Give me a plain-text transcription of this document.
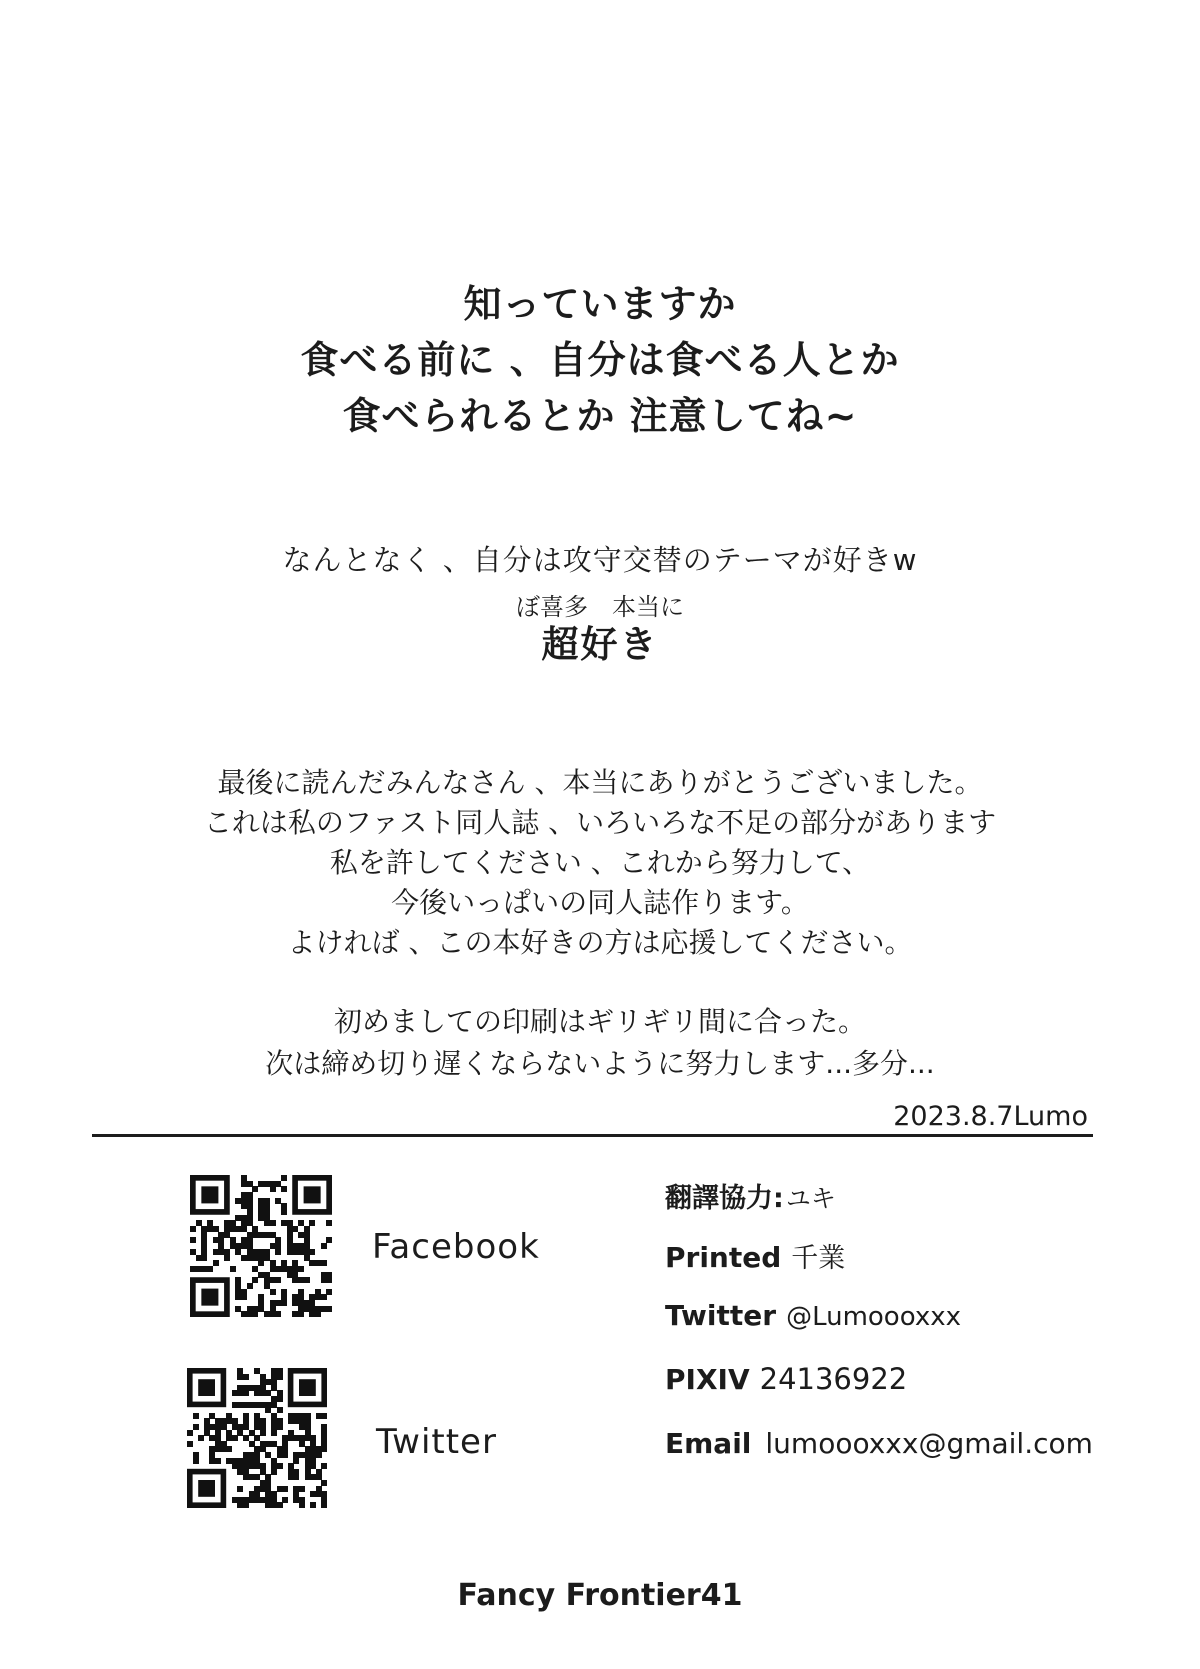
知っていますか
食べる前に 、自分は食べる人とか
食べられるとか 注意してね~
なんとなく 、自分は攻守交替のテーマが好きw
ぼ喜多　本当に
超好き
最後に読んだみんなさん 、本当にありがとうございました。
これは私のファスト同人誌 、いろいろな不足の部分があります
私を許してください 、これから努力して、
今後いっぱいの同人誌作ります。
よければ 、この本好きの方は応援してください。
初めましての印刷はギリギリ間に合った。
次は締め切り遅くならないように努力します...多分...
2023.8.7Lumo
Facebook
Twitter
翻譯協力:ユキ
Printed 千業
Twitter @Lumoooxxx
PIXIV 24136922
Email lumoooxxx@gmail.com
Fancy Frontier41
